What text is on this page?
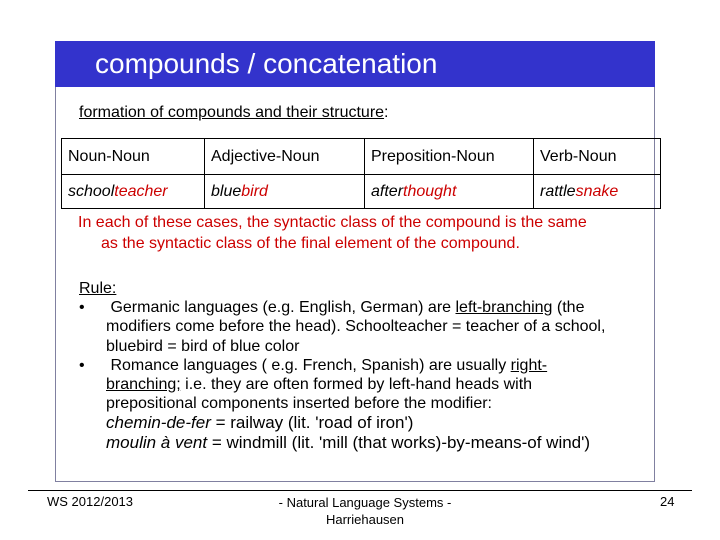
compounds / concatenation
formation of compounds and their structure:
Noun-Noun	Adjective-Noun	Preposition-Noun	Verb-Noun
schoolteacher	bluebird	afterthought	rattlesnake
In each of these cases, the syntactic class of the compound is the same
as the syntactic class of the final element of the compound.
Rule:
• Germanic languages (e.g. English, German) are left-branching (the
modifiers come before the head). Schoolteacher = teacher of a school,
bluebird = bird of blue color
• Romance languages ( e.g. French, Spanish) are usually right-
branching; i.e. they are often formed by left-hand heads with
prepositional components inserted before the modifier:
chemin-de-fer = railway (lit. 'road of iron')
moulin à vent = windmill (lit. 'mill (that works)-by-means-of wind')
WS 2012/2013	- Natural Language Systems - Harriehausen
24
